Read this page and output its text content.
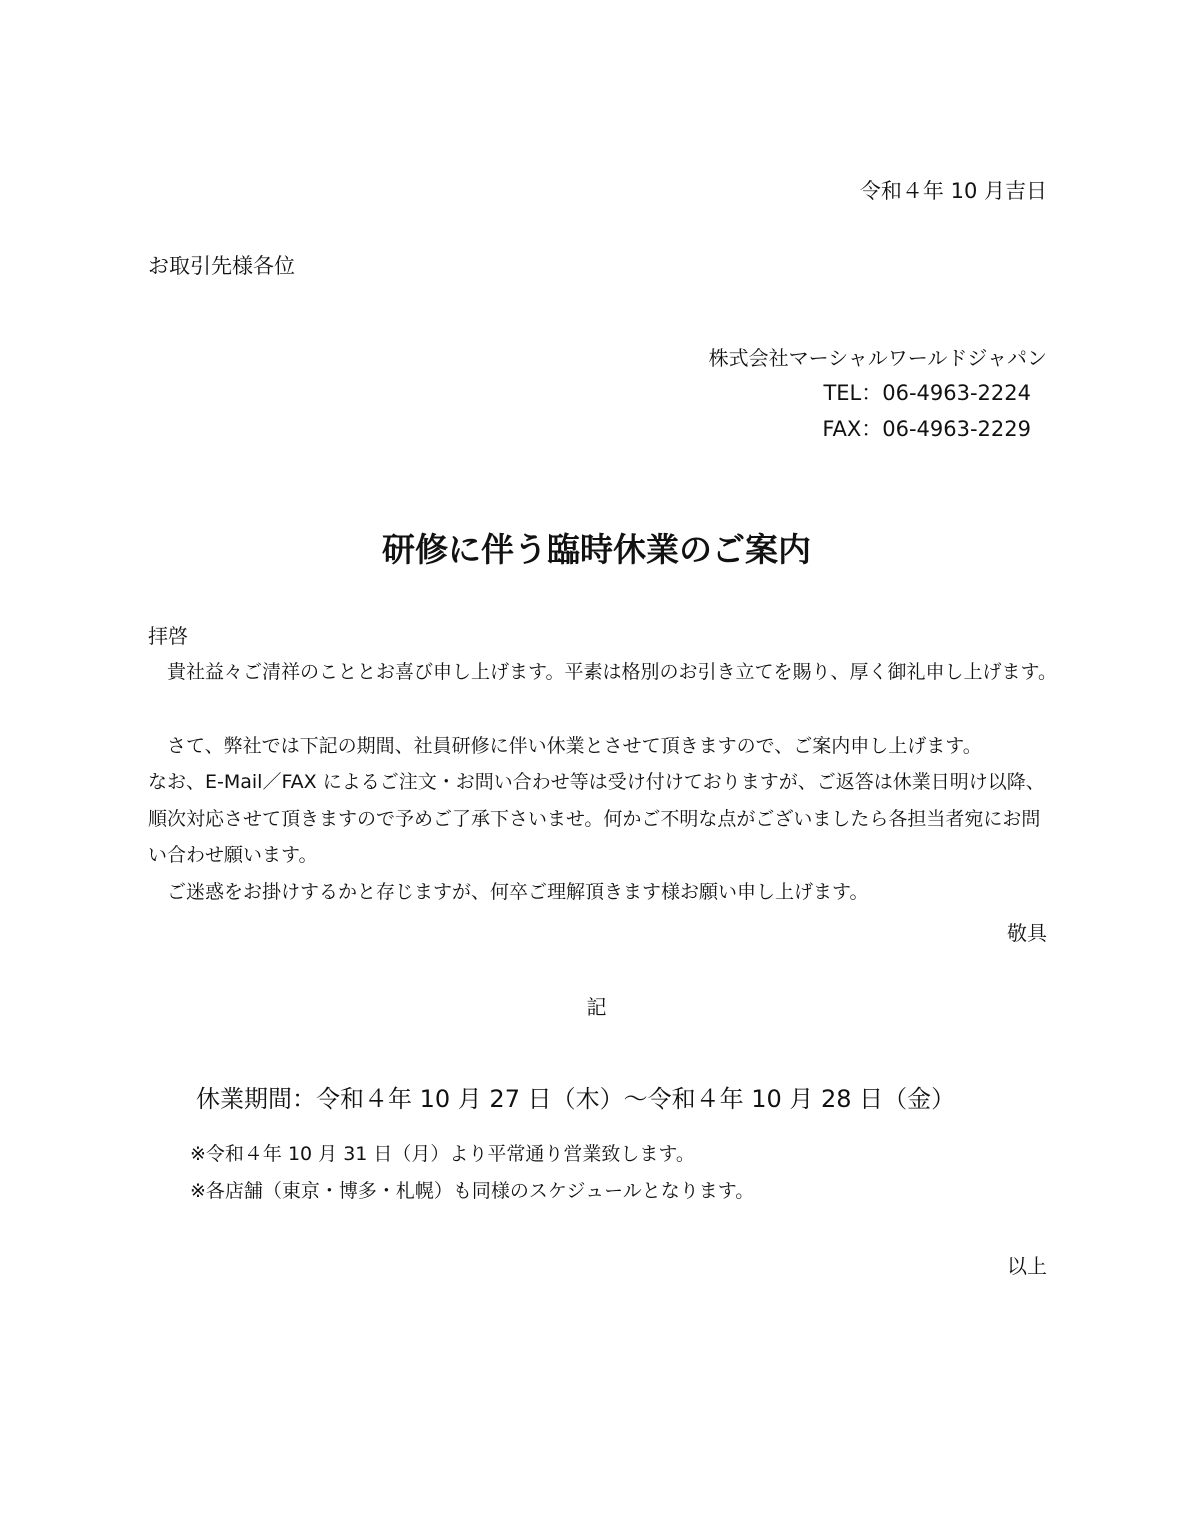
令和４年 10 月吉日

お取引先様各位

株式会社マーシャルワールドジャパン

TEL：06-4963-2224

FAX：06-4963-2229

研修に伴う臨時休業のご案内

拝啓

　貴社益々ご清祥のこととお喜び申し上げます。平素は格別のお引き立てを賜り、厚く御礼申し上げます。

　さて、弊社では下記の期間、社員研修に伴い休業とさせて頂きますので、ご案内申し上げます。

なお、E-Mail／FAX によるご注文・お問い合わせ等は受け付けておりますが、ご返答は休業日明け以降、

順次対応させて頂きますので予めご了承下さいませ。何かご不明な点がございましたら各担当者宛にお問

い合わせ願います。

　ご迷惑をお掛けするかと存じますが、何卒ご理解頂きます様お願い申し上げます。

敬具

記

休業期間：令和４年 10 月 27 日（木）～令和４年 10 月 28 日（金）

※令和４年 10 月 31 日（月）より平常通り営業致します。

※各店舗（東京・博多・札幌）も同様のスケジュールとなります。

以上
